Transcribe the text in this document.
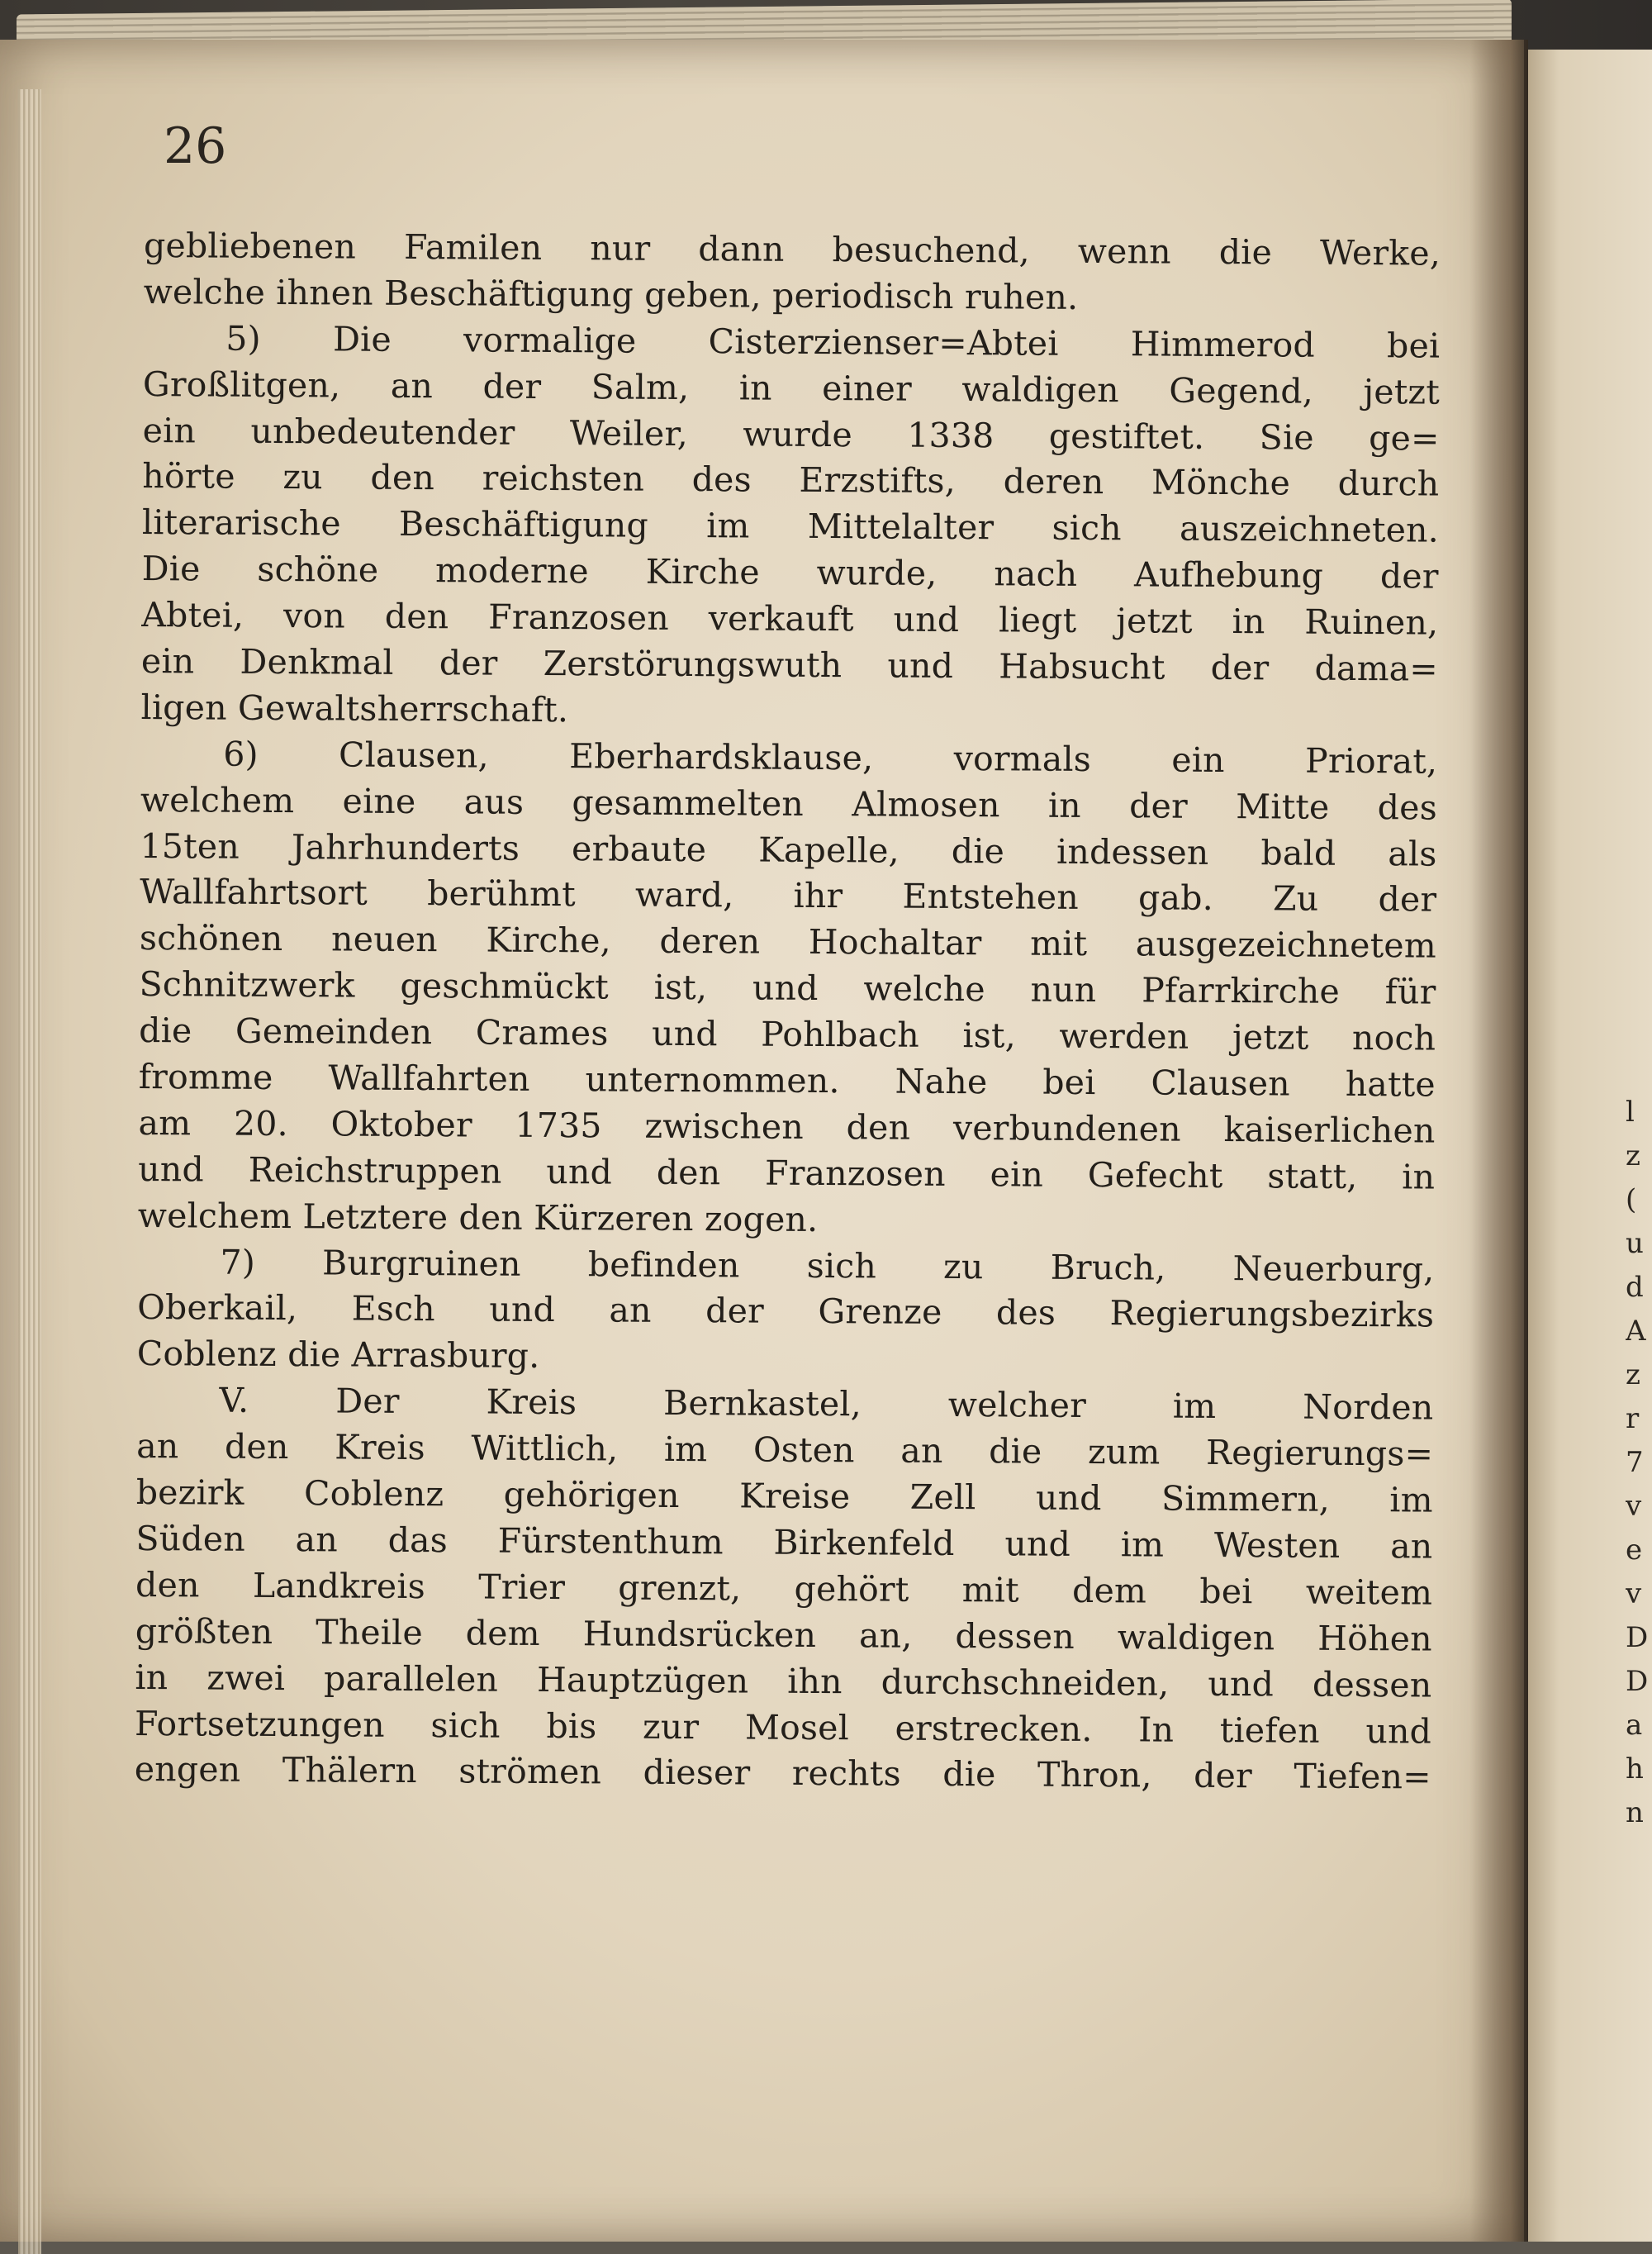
l
z
(
u
d
A
z
r
7
v
e
v
D
D
a
h
n
26
gebliebenen Familen nur dann besuchend, wenn die Werke,
welche ihnen Beschäftigung geben, periodisch ruhen.
5) Die vormalige Cisterzienser=Abtei Himmerod bei
Großlitgen, an der Salm, in einer waldigen Gegend, jetzt
ein unbedeutender Weiler, wurde 1338 gestiftet. Sie ge=
hörte zu den reichsten des Erzstifts, deren Mönche durch
literarische Beschäftigung im Mittelalter sich auszeichneten.
Die schöne moderne Kirche wurde, nach Aufhebung der
Abtei, von den Franzosen verkauft und liegt jetzt in Ruinen,
ein Denkmal der Zerstörungswuth und Habsucht der dama=
ligen Gewaltsherrschaft.
6) Clausen, Eberhardsklause, vormals ein Priorat,
welchem eine aus gesammelten Almosen in der Mitte des
15ten Jahrhunderts erbaute Kapelle, die indessen bald als
Wallfahrtsort berühmt ward, ihr Entstehen gab. Zu der
schönen neuen Kirche, deren Hochaltar mit ausgezeichnetem
Schnitzwerk geschmückt ist, und welche nun Pfarrkirche für
die Gemeinden Crames und Pohlbach ist, werden jetzt noch
fromme Wallfahrten unternommen. Nahe bei Clausen hatte
am 20. Oktober 1735 zwischen den verbundenen kaiserlichen
und Reichstruppen und den Franzosen ein Gefecht statt, in
welchem Letztere den Kürzeren zogen.
7) Burgruinen befinden sich zu Bruch, Neuerburg,
Oberkail, Esch und an der Grenze des Regierungsbezirks
Coblenz die Arrasburg.
V. Der Kreis Bernkastel, welcher im Norden
an den Kreis Wittlich, im Osten an die zum Regierungs=
bezirk Coblenz gehörigen Kreise Zell und Simmern, im
Süden an das Fürstenthum Birkenfeld und im Westen an
den Landkreis Trier grenzt, gehört mit dem bei weitem
größten Theile dem Hundsrücken an, dessen waldigen Höhen
in zwei parallelen Hauptzügen ihn durchschneiden, und dessen
Fortsetzungen sich bis zur Mosel erstrecken. In tiefen und
engen Thälern strömen dieser rechts die Thron, der Tiefen=
